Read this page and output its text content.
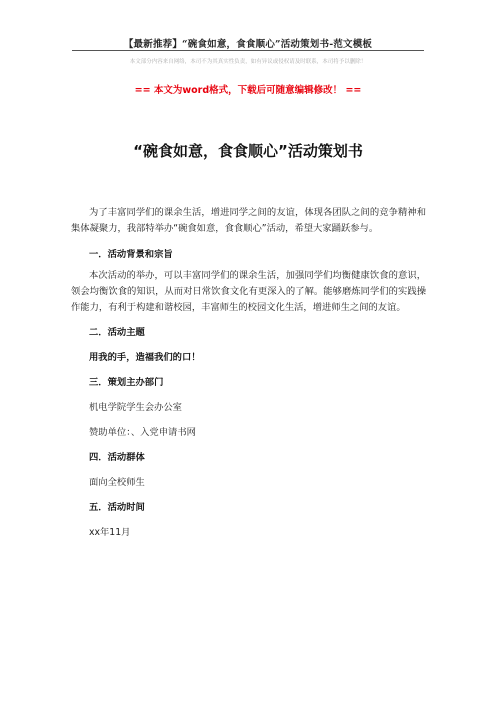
【最新推荐】“碗食如意，食食顺心”活动策划书-范文模板
本文部分内容来自网络，本司不为其真实性负责，如有异议或侵权请及时联系，本司将予以删除！
== 本文为word格式，下载后可随意编辑修改！ ==
“碗食如意，食食顺心”活动策划书

为了丰富同学们的课余生活，增进同学之间的友谊，体现各团队之间的竞争精神和集体凝聚力，我部特举办“碗食如意，食食顺心”活动，希望大家踊跃参与。

一．活动背景和宗旨

本次活动的举办，可以丰富同学们的课余生活，加强同学们均衡健康饮食的意识，领会均衡饮食的知识，从而对日常饮食文化有更深入的了解。能够磨炼同学们的实践操作能力，有利于构建和谐校园，丰富师生的校园文化生活，增进师生之间的友谊。

二．活动主题

用我的手，造福我们的口！

三．策划主办部门

机电学院学生会办公室

赞助单位：、入党申请书网

四．活动群体

面向全校师生

五．活动时间

xx年11月
